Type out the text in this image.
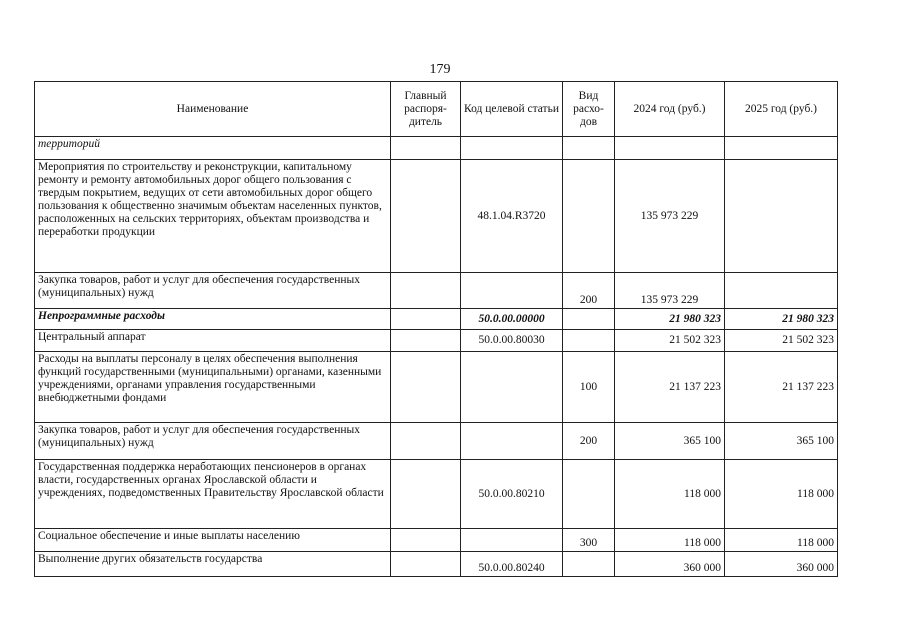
179
Наименование	Главный распоря-дитель	Код целевой статьи	Вид расхо-дов	2024 год (руб.)	2025 год (руб.)
территорий					
Мероприятия по строительству и реконструкции, капитальному ремонту и ремонту автомобильных дорог общего пользования с твердым покрытием, ведущих от сети автомобильных дорог общего пользования к общественно значимым объектам населенных пунктов, расположенных на сельских территориях, объектам производства и переработки продукции		48.1.04.R3720		135 973 229	
Закупка товаров, работ и услуг для обеспечения государственных (муниципальных) нужд			200	135 973 229	
Непрограммные расходы		50.0.00.00000		21 980 323	21 980 323
Центральный аппарат		50.0.00.80030		21 502 323	21 502 323
Расходы на выплаты персоналу в целях обеспечения выполнения функций государственными (муниципальными) органами, казенными учреждениями, органами управления государственными внебюджетными фондами			100	21 137 223	21 137 223
Закупка товаров, работ и услуг для обеспечения государственных (муниципальных) нужд			200	365 100	365 100
Государственная поддержка неработающих пенсионеров в органах власти, государственных органах Ярославской области и учреждениях, подведомственных Правительству Ярославской области		50.0.00.80210		118 000	118 000
Социальное обеспечение и иные выплаты населению			300	118 000	118 000
Выполнение других обязательств государства		50.0.00.80240		360 000	360 000
